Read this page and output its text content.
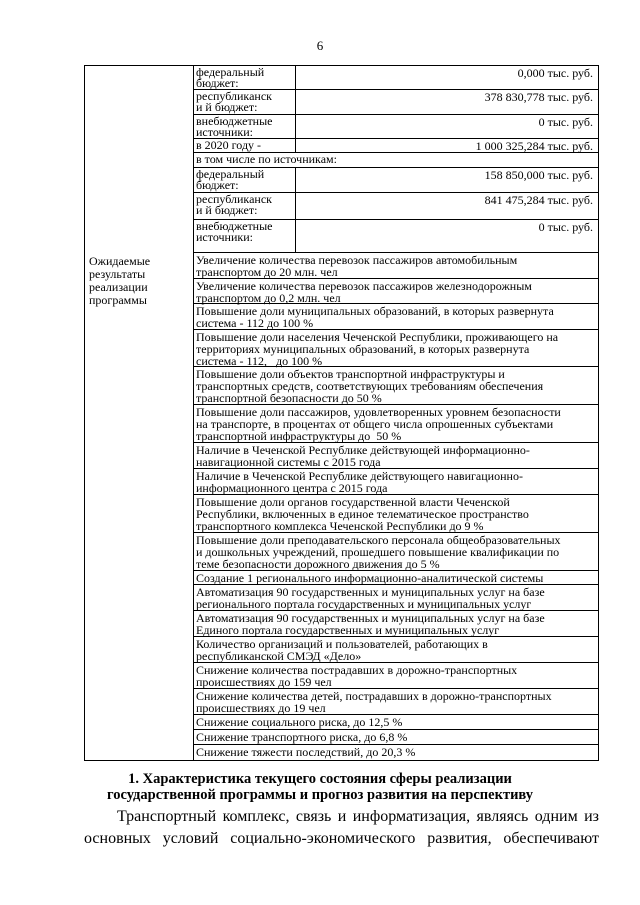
6
Ожидаемые
результаты
реализации
программы
федеральный
бюджет:
0,000 тыс. руб.
республиканск
и й бюджет:
378 830,778 тыс. руб.
внебюджетные
источники:
0 тыс. руб.
в 2020 году -	1 000 325,284 тыс. руб.
в том числе по источникам:
федеральный
бюджет:
158 850,000 тыс. руб.
республиканск
и й бюджет:
841 475,284 тыс. руб.
внебюджетные
источники:
0 тыс. руб.
Увеличение количества перевозок пассажиров автомобильным
транспортом до 20 млн. чел
Увеличение количества перевозок пассажиров железнодорожным
транспортом до 0,2 млн. чел
Повышение доли муниципальных образований, в которых развернута
система - 112 до 100 %
Повышение доли населения Чеченской Республики, проживающего на
территориях муниципальных образований, в которых развернута
система - 112,   до 100 %
Повышение доли объектов транспортной инфраструктуры и
транспортных средств, соответствующих требованиям обеспечения
транспортной безопасности до 50 %
Повышение доли пассажиров, удовлетворенных уровнем безопасности
на транспорте, в процентах от общего числа опрошенных субъектами
транспортной инфраструктуры до  50 %
Наличие в Чеченской Республике действующей информационно-
навигационной системы с 2015 года
Наличие в Чеченской Республике действующего навигационно-
информационного центра с 2015 года
Повышение доли органов государственной власти Чеченской
Республики, включенных в единое телематическое пространство
транспортного комплекса Чеченской Республики до 9 %
Повышение доли преподавательского персонала общеобразовательных
и дошкольных учреждений, прошедшего повышение квалификации по
теме безопасности дорожного движения до 5 %
Создание 1 регионального информационно-аналитической системы
Автоматизация 90 государственных и муниципальных услуг на базе
регионального портала государственных и муниципальных услуг
Автоматизация 90 государственных и муниципальных услуг на базе
Единого портала государственных и муниципальных услуг
Количество организаций и пользователей, работающих в
республиканской СМЭД «Дело»
Снижение количества пострадавших в дорожно-транспортных
происшествиях до 159 чел
Снижение количества детей, пострадавших в дорожно-транспортных
происшествиях до 19 чел
Снижение социального риска, до 12,5 %
Снижение транспортного риска, до 6,8 %
Снижение тяжести последствий, до 20,3 %
1. Характеристика текущего состояния сферы реализации
государственной программы и прогноз развития на перспективу
Транспортный комплекс, связь и информатизация, являясь одним из
основных условий социально-экономического развития, обеспечивают
